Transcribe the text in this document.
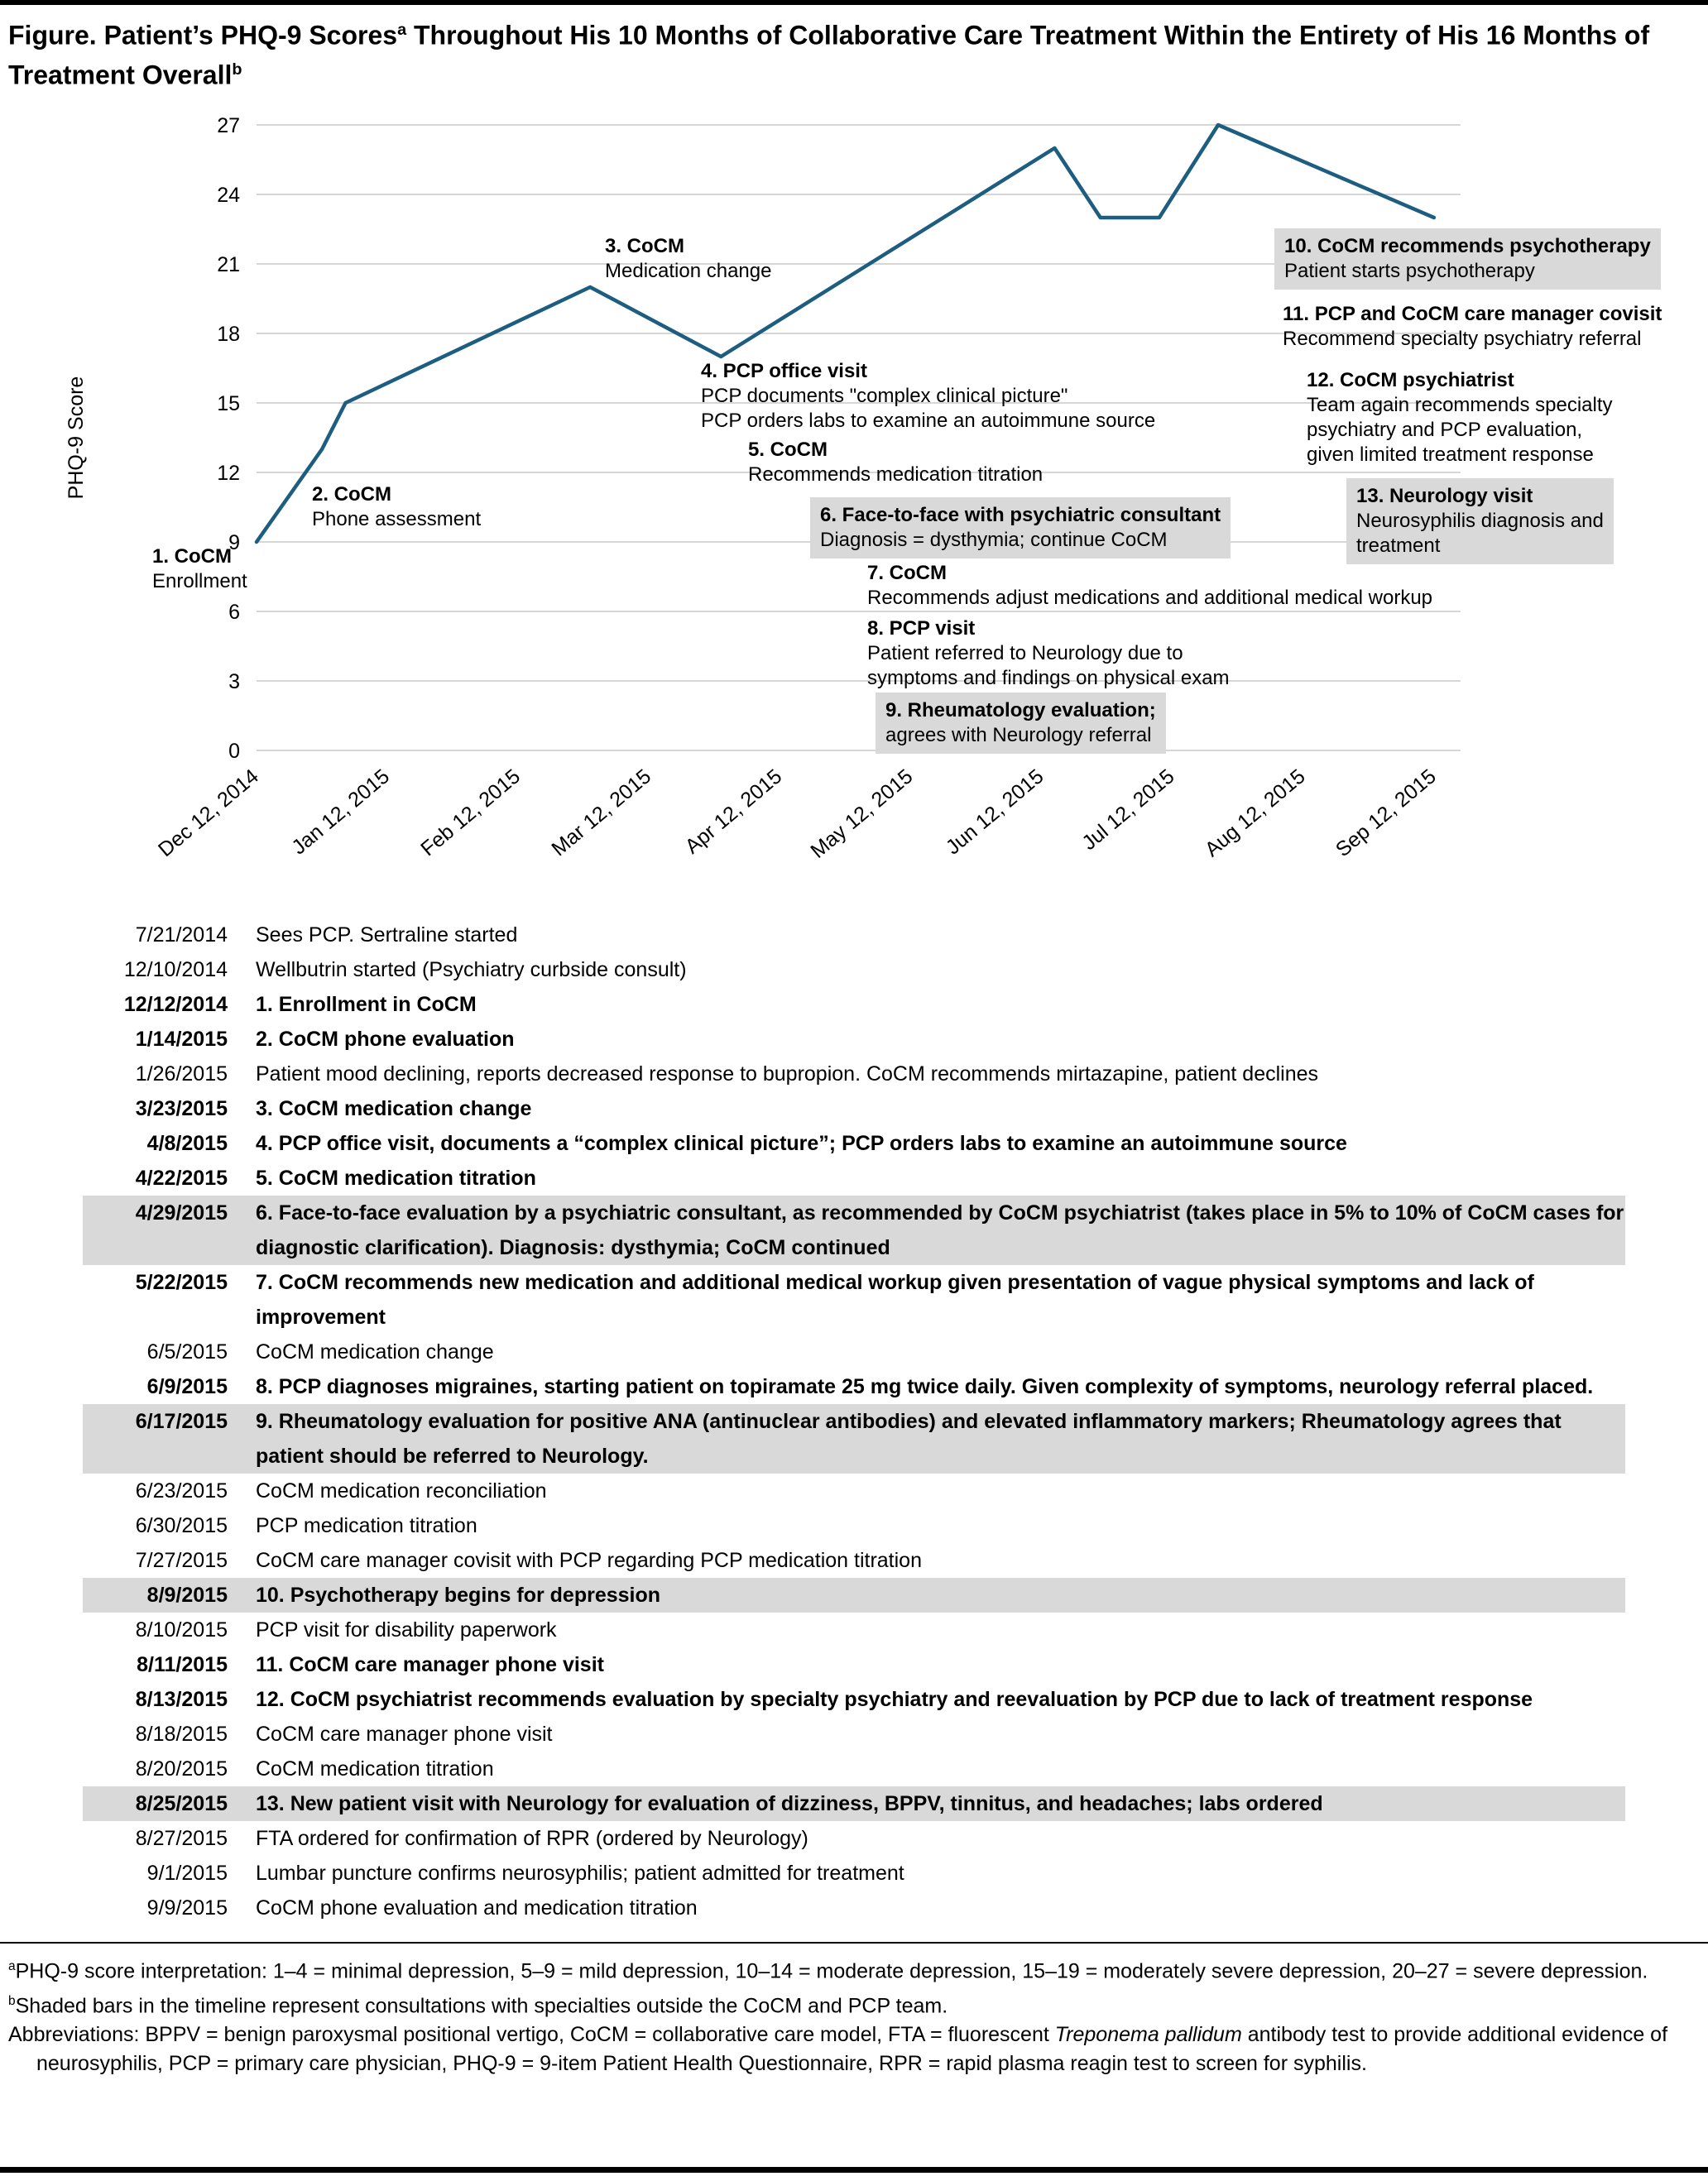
Figure. Patient’s PHQ-9 Scores$^a$ Throughout His 10 Months of Collaborative Care Treatment Within the Entirety of His 16 Months of Treatment Overall$^b$
0
3
6
9
12
15
18
21
24
27
Dec 12, 2014 Jan 12, 2015 Feb 12, 2015 Mar 12, 2015 Apr 12, 2015 May 12, 2015 Jun 12, 2015 Jul 12, 2015 Aug 12, 2015 Sep 12, 2015
PHQ-9 Score
1. CoCM
Enrollment
2. CoCM
Phone assessment
3. CoCM
Medication change
4. PCP office visit
PCP documents "complex clinical picture"
PCP orders labs to examine an autoimmune source
5. CoCM
Recommends medication titration
6. Face-to-face with psychiatric consultant
Diagnosis = dysthymia; continue CoCM
7. CoCM
Recommends adjust medications and additional medical workup
8. PCP visit
Patient referred to Neurology due to
symptoms and findings on physical exam
9. Rheumatology evaluation;
agrees with Neurology referral
10. CoCM recommends psychotherapy
Patient starts psychotherapy
11. PCP and CoCM care manager covisit
Recommend specialty psychiatry referral
12. CoCM psychiatrist
Team again recommends specialty
psychiatry and PCP evaluation,
given limited treatment response
13. Neurology visit
Neurosyphilis diagnosis and
treatment
7/21/2014 Sees PCP. Sertraline started
12/10/2014 Wellbutrin started (Psychiatry curbside consult)
12/12/2014 1. Enrollment in CoCM
1/14/2015 2. CoCM phone evaluation
1/26/2015 Patient mood declining, reports decreased response to bupropion. CoCM recommends mirtazapine, patient declines
3/23/2015 3. CoCM medication change
4/8/2015 4. PCP office visit, documents a “complex clinical picture”; PCP orders labs to examine an autoimmune source
4/22/2015 5. CoCM medication titration
4/29/2015 6. Face-to-face evaluation by a psychiatric consultant, as recommended by CoCM psychiatrist (takes place in 5% to 10% of CoCM cases for diagnostic clarification). Diagnosis: dysthymia; CoCM continued
5/22/2015 7. CoCM recommends new medication and additional medical workup given presentation of vague physical symptoms and lack of improvement
6/5/2015 CoCM medication change
6/9/2015 8. PCP diagnoses migraines, starting patient on topiramate 25 mg twice daily. Given complexity of symptoms, neurology referral placed.
6/17/2015 9. Rheumatology evaluation for positive ANA (antinuclear antibodies) and elevated inflammatory markers; Rheumatology agrees that patient should be referred to Neurology.
6/23/2015 CoCM medication reconciliation
6/30/2015 PCP medication titration
7/27/2015 CoCM care manager covisit with PCP regarding PCP medication titration
8/9/2015 10. Psychotherapy begins for depression
8/10/2015 PCP visit for disability paperwork
8/11/2015 11. CoCM care manager phone visit
8/13/2015 12. CoCM psychiatrist recommends evaluation by specialty psychiatry and reevaluation by PCP due to lack of treatment response
8/18/2015 CoCM care manager phone visit
8/20/2015 CoCM medication titration
8/25/2015 13. New patient visit with Neurology for evaluation of dizziness, BPPV, tinnitus, and headaches; labs ordered
8/27/2015 FTA ordered for confirmation of RPR (ordered by Neurology)
9/1/2015 Lumbar puncture confirms neurosyphilis; patient admitted for treatment
9/9/2015 CoCM phone evaluation and medication titration
$^a$PHQ-9 score interpretation: 1–4 = minimal depression, 5–9 = mild depression, 10–14 = moderate depression, 15–19 = moderately severe depression, 20–27 = severe depression.
$^b$Shaded bars in the timeline represent consultations with specialties outside the CoCM and PCP team.
Abbreviations: BPPV = benign paroxysmal positional vertigo, CoCM = collaborative care model, FTA = fluorescent Treponema pallidum antibody test to provide additional evidence of neurosyphilis, PCP = primary care physician, PHQ-9 = 9-item Patient Health Questionnaire, RPR = rapid plasma reagin test to screen for syphilis.
